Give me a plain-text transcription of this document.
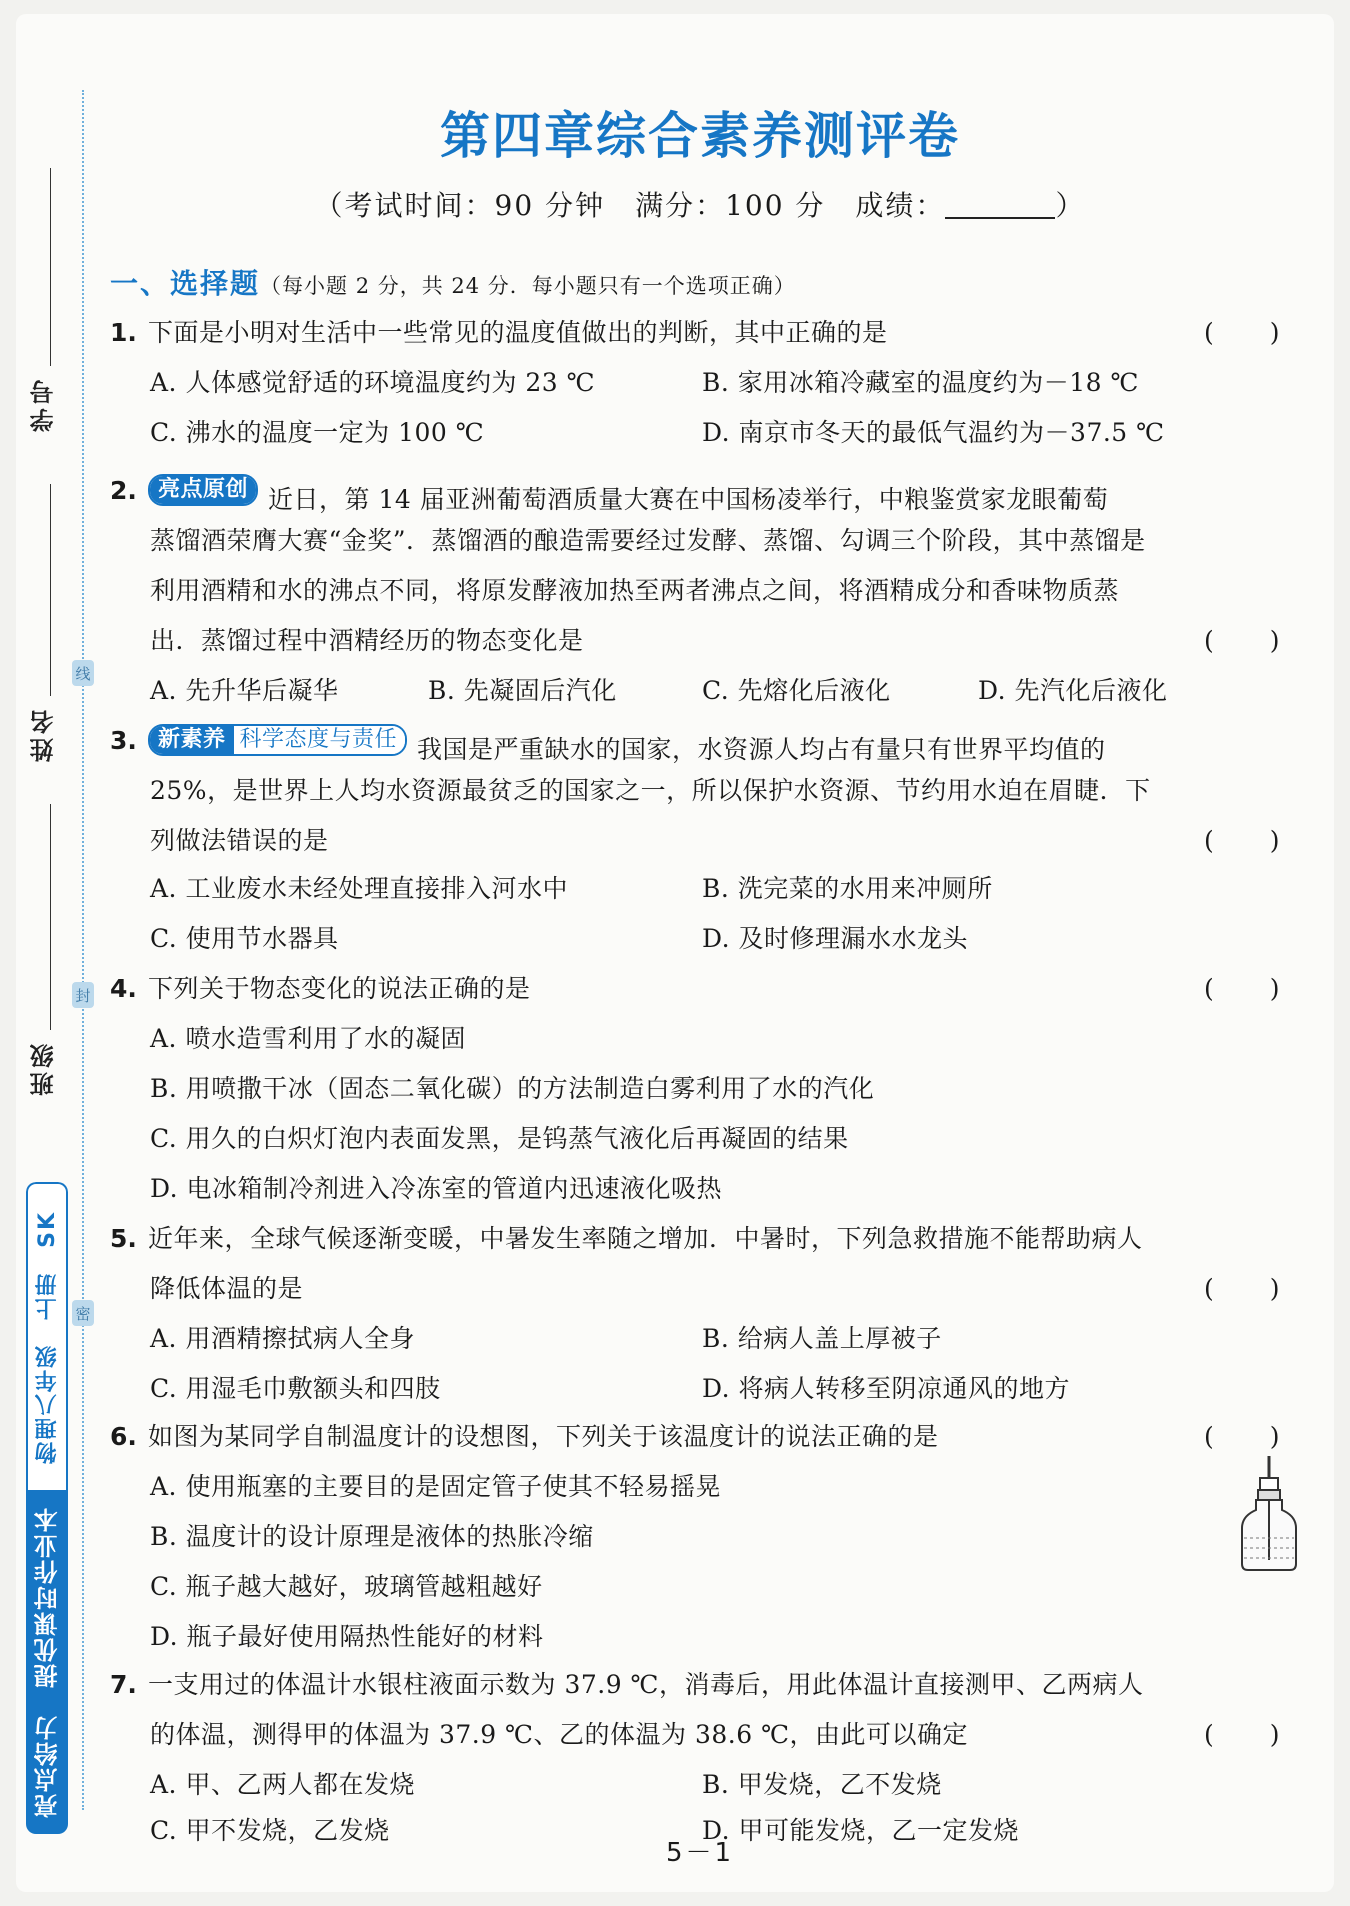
线
封
密
学号
姓名
班级
物理八年级　上册　SK
亮点给力　提优课时作业本
第四章综合素养测评卷
（考试时间：90 分钟　满分：100 分　成绩：	）
一、选择题（每小题 2 分，共 24 分．每小题只有一个选项正确）
1. 下面是小明对生活中一些常见的温度值做出的判断，其中正确的是	(　　)
A. 人体感觉舒适的环境温度约为 23 ℃	B. 家用冰箱冷藏室的温度约为－18 ℃
C. 沸水的温度一定为 100 ℃	D. 南京市冬天的最低气温约为－37.5 ℃
2. 亮点原创 近日，第 14 届亚洲葡萄酒质量大赛在中国杨凌举行，中粮鉴赏家龙眼葡萄
蒸馏酒荣膺大赛“金奖”．蒸馏酒的酿造需要经过发酵、蒸馏、勾调三个阶段，其中蒸馏是
利用酒精和水的沸点不同，将原发酵液加热至两者沸点之间，将酒精成分和香味物质蒸
出．蒸馏过程中酒精经历的物态变化是	(　　)
A. 先升华后凝华	B. 先凝固后汽化	C. 先熔化后液化	D. 先汽化后液化
3. 新素养 科学态度与责任 我国是严重缺水的国家，水资源人均占有量只有世界平均值的
25%，是世界上人均水资源最贫乏的国家之一，所以保护水资源、节约用水迫在眉睫．下
列做法错误的是	(　　)
A. 工业废水未经处理直接排入河水中	B. 洗完菜的水用来冲厕所
C. 使用节水器具	D. 及时修理漏水水龙头
4. 下列关于物态变化的说法正确的是	(　　)
A. 喷水造雪利用了水的凝固
B. 用喷撒干冰（固态二氧化碳）的方法制造白雾利用了水的汽化
C. 用久的白炽灯泡内表面发黑，是钨蒸气液化后再凝固的结果
D. 电冰箱制冷剂进入冷冻室的管道内迅速液化吸热
5. 近年来，全球气候逐渐变暖，中暑发生率随之增加．中暑时，下列急救措施不能帮助病人
降低体温的是	(　　)
A. 用酒精擦拭病人全身	B. 给病人盖上厚被子
C. 用湿毛巾敷额头和四肢	D. 将病人转移至阴凉通风的地方
6. 如图为某同学自制温度计的设想图，下列关于该温度计的说法正确的是	(　　)
A. 使用瓶塞的主要目的是固定管子使其不轻易摇晃
B. 温度计的设计原理是液体的热胀冷缩
C. 瓶子越大越好，玻璃管越粗越好
D. 瓶子最好使用隔热性能好的材料
7. 一支用过的体温计水银柱液面示数为 37.9 ℃，消毒后，用此体温计直接测甲、乙两病人
的体温，测得甲的体温为 37.9 ℃、乙的体温为 38.6 ℃，由此可以确定	(　　)
A. 甲、乙两人都在发烧	B. 甲发烧，乙不发烧
C. 甲不发烧，乙发烧	D. 甲可能发烧，乙一定发烧
5－1
